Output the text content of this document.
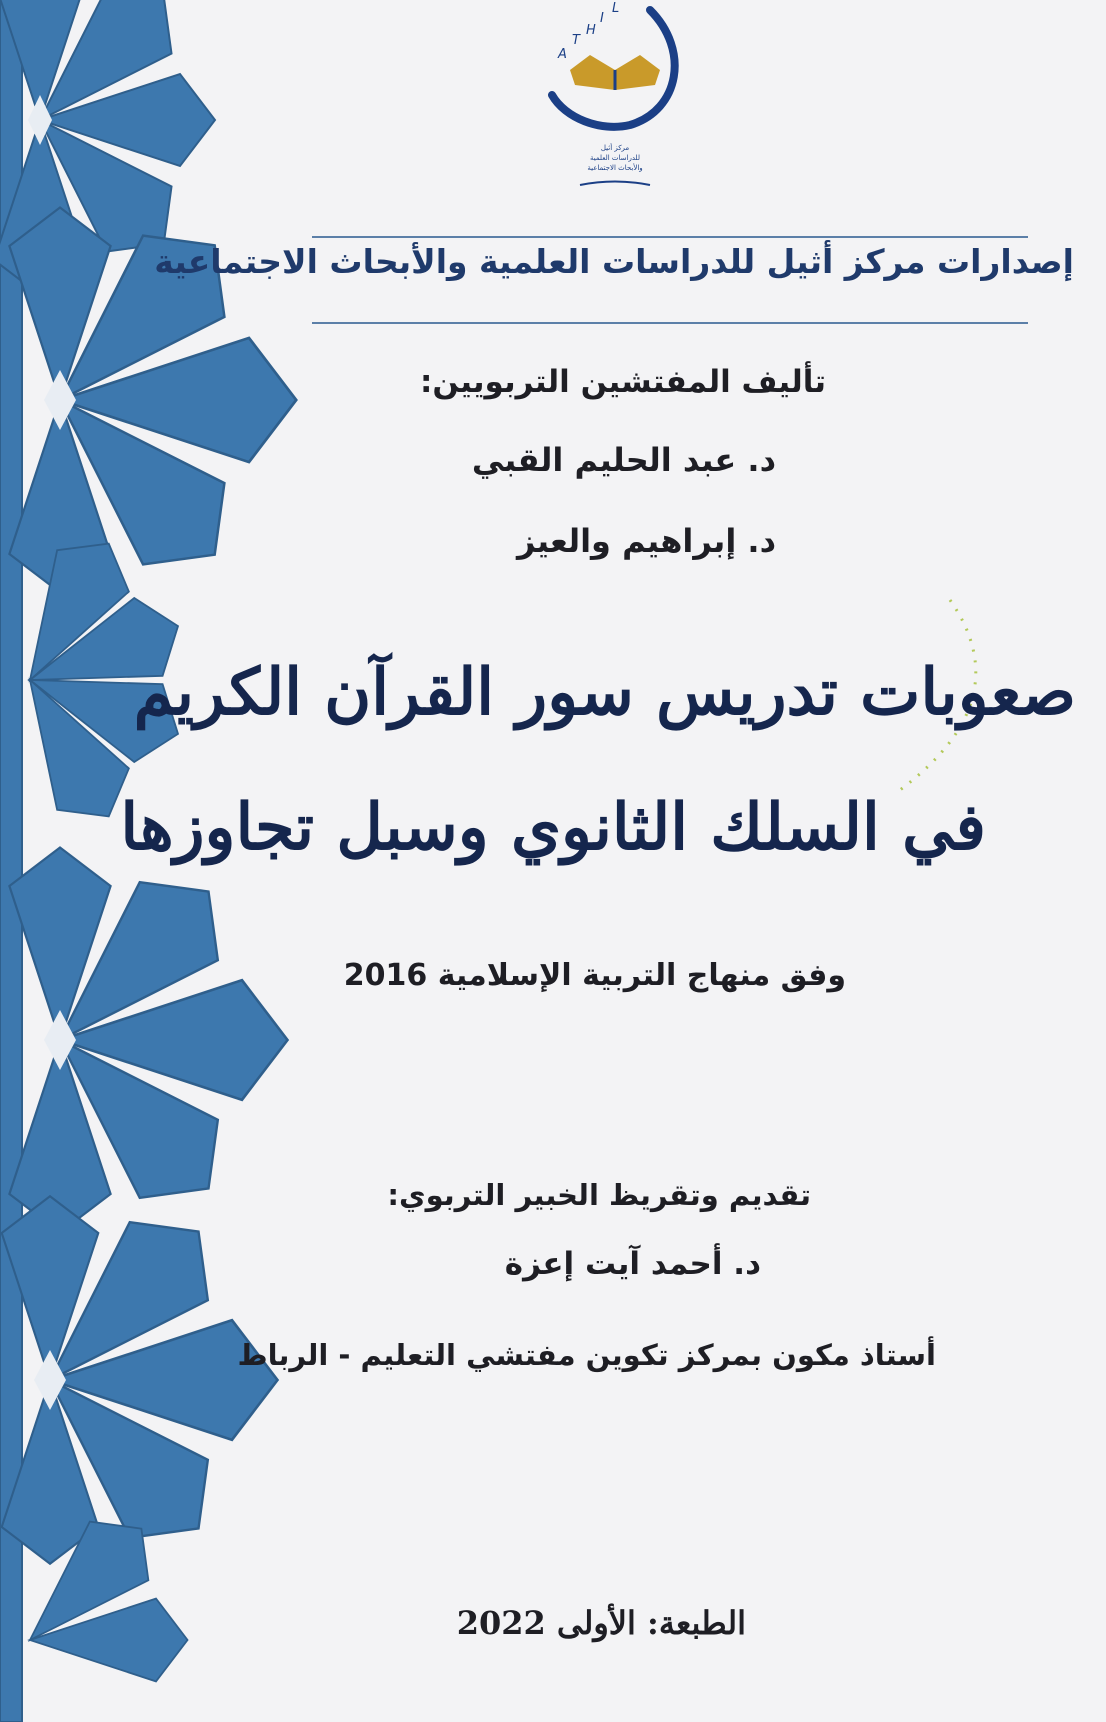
A
T
H
I
L
مركز أثيل
للدراسات العلمية
والأبحاث الاجتماعية
إصدارات مركز أثيل للدراسات العلمية والأبحاث الاجتماعية
تأليف المفتشين التربويين:
د. عبد الحليم القبي
د. إبراهيم والعيز
صعوبات تدريس سور القرآن الكريم
في السلك الثانوي وسبل تجاوزها
وفق منهاج التربية الإسلامية 2016
تقديم وتقريظ الخبير التربوي:
د. أحمد آيت إعزة
أستاذ مكون بمركز تكوين مفتشي التعليم - الرباط
الطبعة: الأولى 2022
